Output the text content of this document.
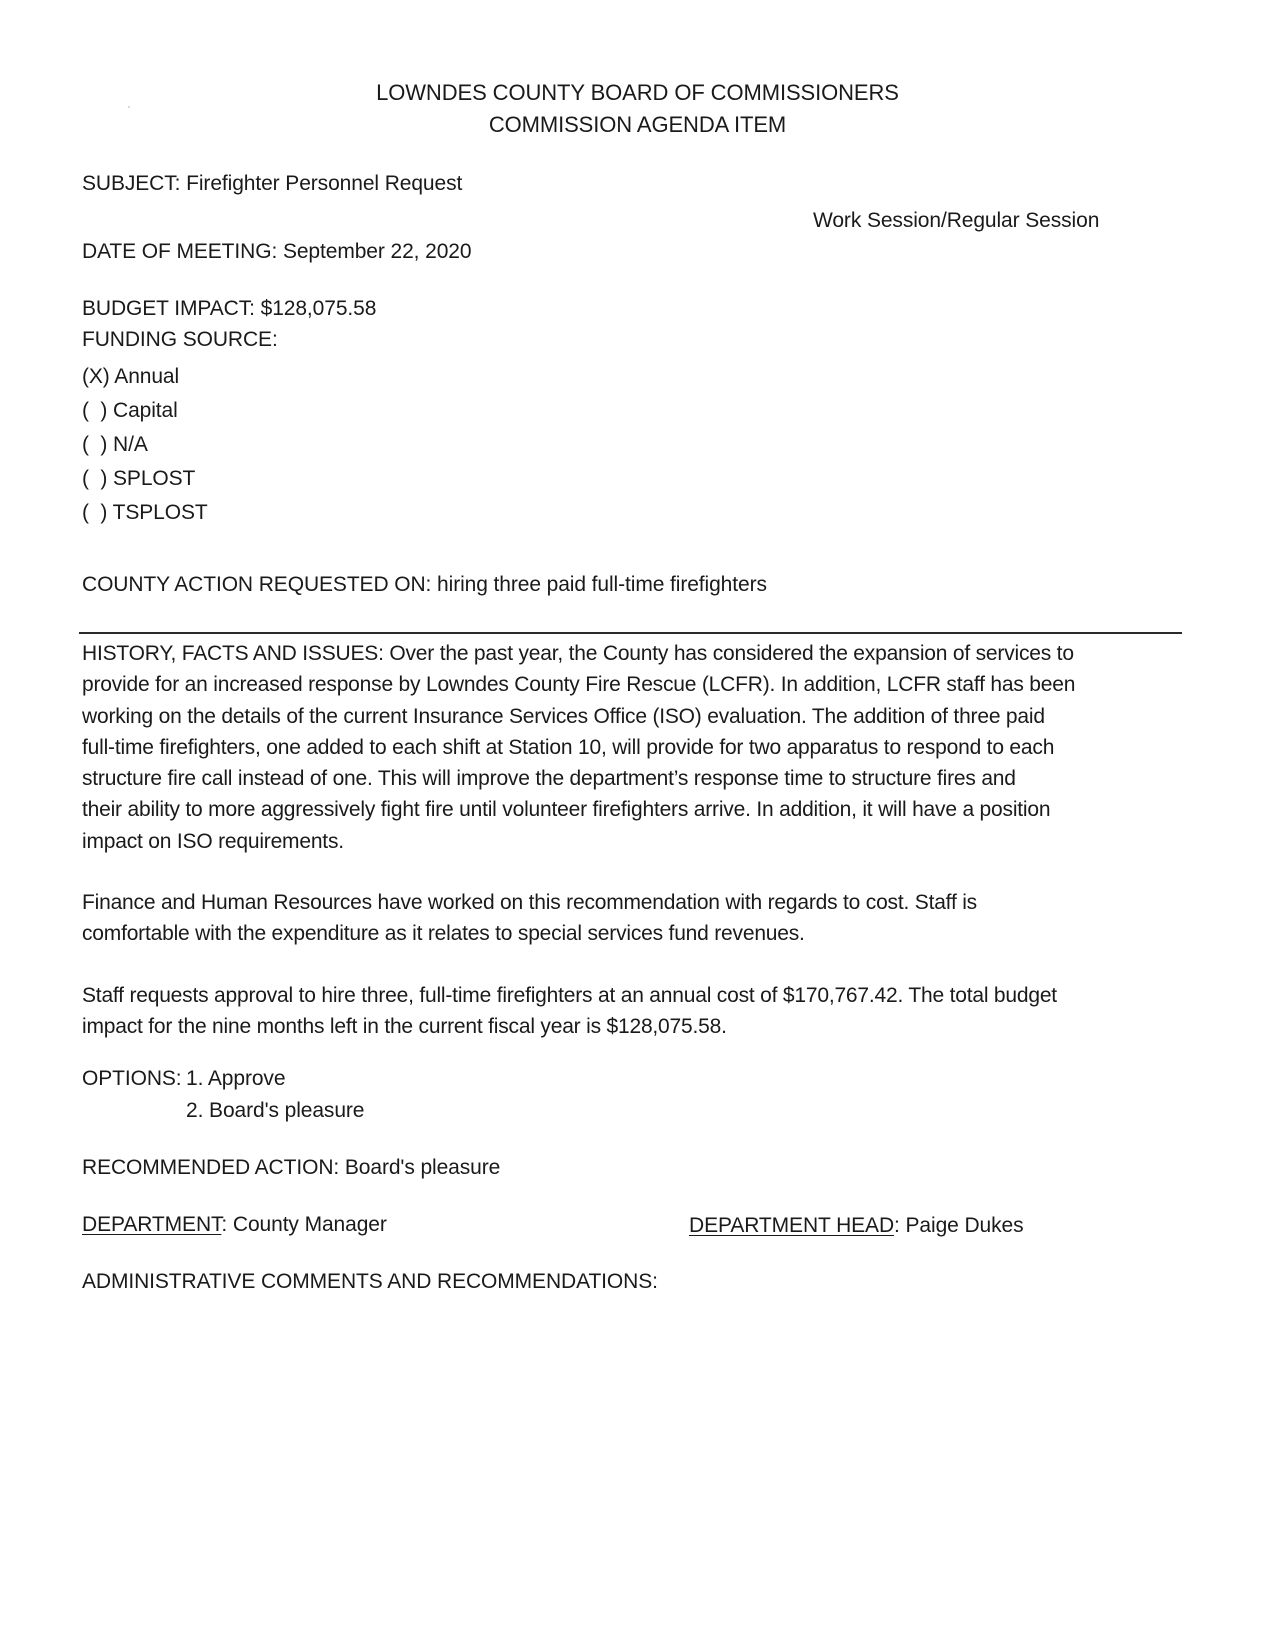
LOWNDES COUNTY BOARD OF COMMISSIONERS
COMMISSION AGENDA ITEM
SUBJECT: Firefighter Personnel Request
Work Session/Regular Session
DATE OF MEETING: September 22, 2020
BUDGET IMPACT: $128,075.58
FUNDING SOURCE:
(X) Annual
(  ) Capital
(  ) N/A
(  ) SPLOST
(  ) TSPLOST
COUNTY ACTION REQUESTED ON: hiring three paid full-time firefighters
HISTORY, FACTS AND ISSUES: Over the past year, the County has considered the expansion of services to
provide for an increased response by Lowndes County Fire Rescue (LCFR). In addition, LCFR staff has been
working on the details of the current Insurance Services Office (ISO) evaluation. The addition of three paid
full-time firefighters, one added to each shift at Station 10, will provide for two apparatus to respond to each
structure fire call instead of one. This will improve the department’s response time to structure fires and
their ability to more aggressively fight fire until volunteer firefighters arrive. In addition, it will have a position
impact on ISO requirements.
Finance and Human Resources have worked on this recommendation with regards to cost. Staff is
comfortable with the expenditure as it relates to special services fund revenues.
Staff requests approval to hire three, full-time firefighters at an annual cost of $170,767.42. The total budget
impact for the nine months left in the current fiscal year is $128,075.58.
OPTIONS: 1. Approve
2. Board's pleasure
RECOMMENDED ACTION: Board's pleasure
DEPARTMENT: County Manager	DEPARTMENT HEAD: Paige Dukes
ADMINISTRATIVE COMMENTS AND RECOMMENDATIONS:
